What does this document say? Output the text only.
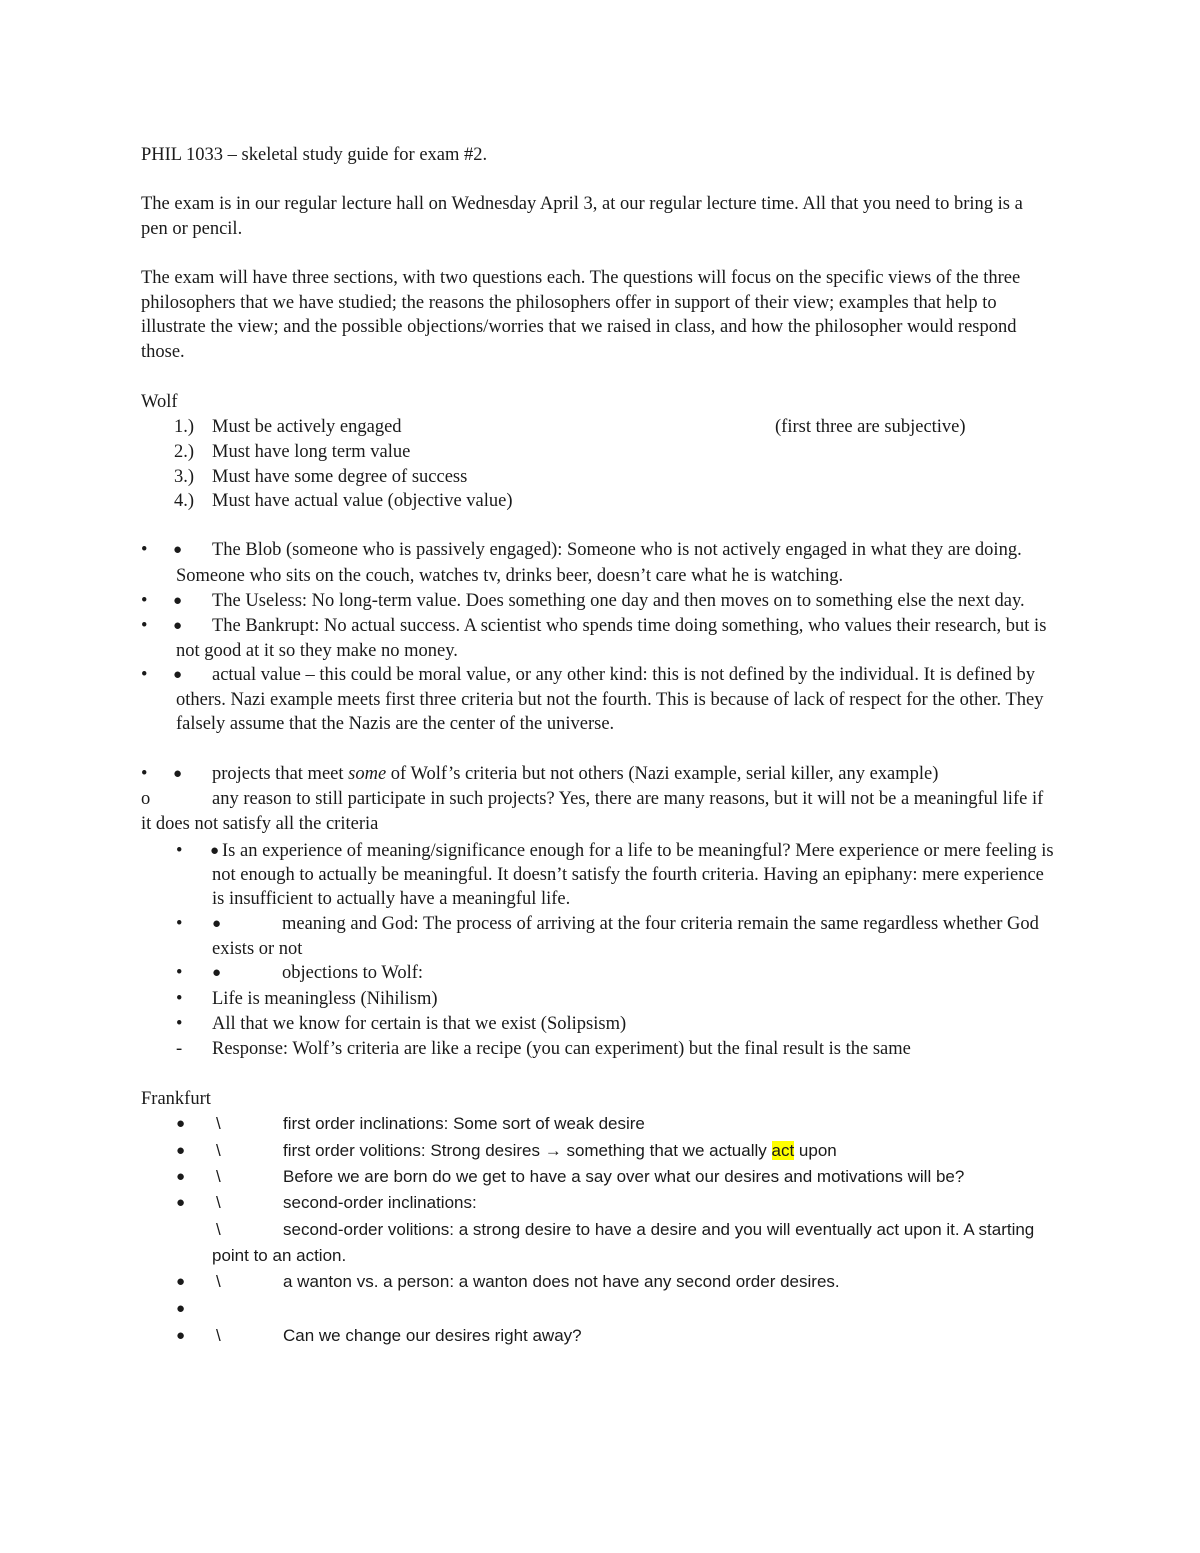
PHIL 1033 – skeletal study guide for exam #2.
The exam is in our regular lecture hall on Wednesday April 3, at our regular lecture time. All that you need to bring is a
pen or pencil.
The exam will have three sections, with two questions each. The questions will focus on the specific views of the three
philosophers that we have studied; the reasons the philosophers offer in support of their view; examples that help to
illustrate the view; and the possible objections/worries that we raised in class, and how the philosopher would respond
those.
Wolf
1.) Must be actively engaged	(first three are subjective)
2.) Must have long term value
3.) Must have some degree of success
4.) Must have actual value (objective value)
• ● The Blob (someone who is passively engaged): Someone who is not actively engaged in what they are doing.
Someone who sits on the couch, watches tv, drinks beer, doesn’t care what he is watching.
• ● The Useless: No long-term value. Does something one day and then moves on to something else the next day.
• ● The Bankrupt: No actual success. A scientist who spends time doing something, who values their research, but is
not good at it so they make no money.
• ● actual value – this could be moral value, or any other kind: this is not defined by the individual. It is defined by
others. Nazi example meets first three criteria but not the fourth. This is because of lack of respect for the other. They
falsely assume that the Nazis are the center of the universe.
• ● projects that meet some of Wolf’s criteria but not others (Nazi example, serial killer, any example)
o	any reason to still participate in such projects? Yes, there are many reasons, but it will not be a meaningful life if
it does not satisfy all the criteria
• ● Is an experience of meaning/significance enough for a life to be meaningful? Mere experience or mere feeling is
not enough to actually be meaningful. It doesn’t satisfy the fourth criteria. Having an epiphany: mere experience
is insufficient to actually have a meaningful life.
• ●	meaning and God: The process of arriving at the four criteria remain the same regardless whether God
exists or not
• ●	objections to Wolf:
• Life is meaningless (Nihilism)
• All that we know for certain is that we exist (Solipsism)
- Response: Wolf’s criteria are like a recipe (you can experiment) but the final result is the same
Frankfurt
● \	first order inclinations: Some sort of weak desire
● \	first order volitions: Strong desires → something that we actually act upon
● \	Before we are born do we get to have a say over what our desires and motivations will be?
● \	second-order inclinations:
\	second-order volitions: a strong desire to have a desire and you will eventually act upon it. A starting
point to an action.
● \	a wanton vs. a person: a wanton does not have any second order desires.
●
● \	Can we change our desires right away?
